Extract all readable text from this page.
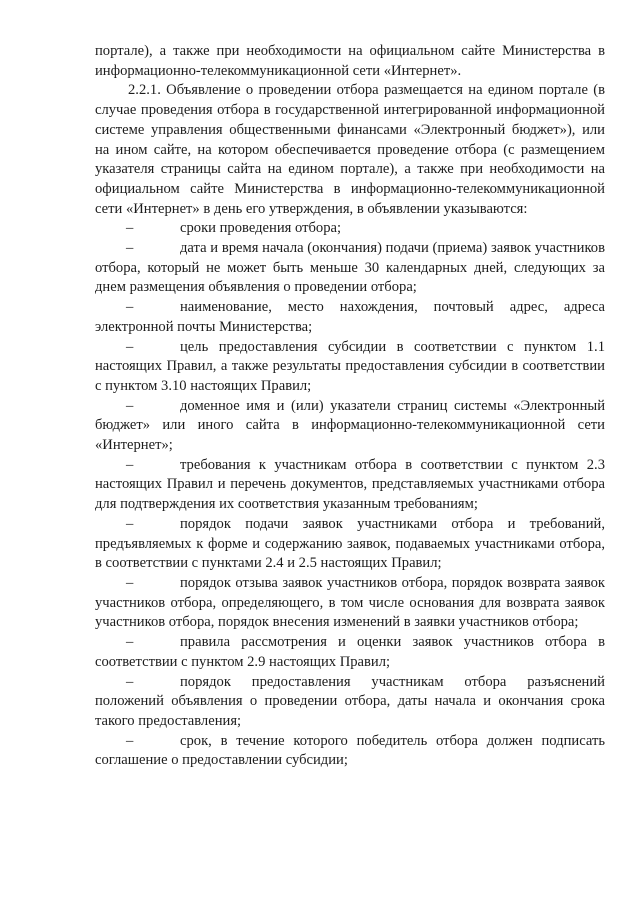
портале), а также при необходимости на официальном сайте Министерства в информационно-телекоммуникационной сети «Интернет».

2.2.1. Объявление о проведении отбора размещается на едином портале (в случае проведения отбора в государственной интегрированной информационной системе управления общественными финансами «Электронный бюджет»), или на ином сайте, на котором обеспечивается проведение отбора (с размещением указателя страницы сайта на едином портале), а также при необходимости на официальном сайте Министерства в информационно-телекоммуникационной сети «Интернет» в день его утверждения, в объявлении указываются:

–	сроки проведения отбора;

–	дата и время начала (окончания) подачи (приема) заявок участников отбора, который не может быть меньше 30 календарных дней, следующих за днем размещения объявления о проведении отбора;

–	наименование, место нахождения, почтовый адрес, адреса электронной почты Министерства;

–	цель предоставления субсидии в соответствии с пунктом 1.1 настоящих Правил, а также результаты предоставления субсидии в соответствии с пунктом 3.10 настоящих Правил;

–	доменное имя и (или) указатели страниц системы «Электронный бюджет» или иного сайта в информационно-телекоммуникационной сети «Интернет»;

–	требования к участникам отбора в соответствии с пунктом 2.3 настоящих Правил и перечень документов, представляемых участниками отбора для подтверждения их соответствия указанным требованиям;

–	порядок подачи заявок участниками отбора и требований, предъявляемых к форме и содержанию заявок, подаваемых участниками отбора, в соответствии с пунктами 2.4 и 2.5 настоящих Правил;

–	порядок отзыва заявок участников отбора, порядок возврата заявок участников отбора, определяющего, в том числе основания для возврата заявок участников отбора, порядок внесения изменений в заявки участников отбора;

–	правила рассмотрения и оценки заявок участников отбора в соответствии с пунктом 2.9 настоящих Правил;

–	порядок предоставления участникам отбора разъяснений положений объявления о проведении отбора, даты начала и окончания срока такого предоставления;

–	срок, в течение которого победитель отбора должен подписать соглашение о предоставлении субсидии;
